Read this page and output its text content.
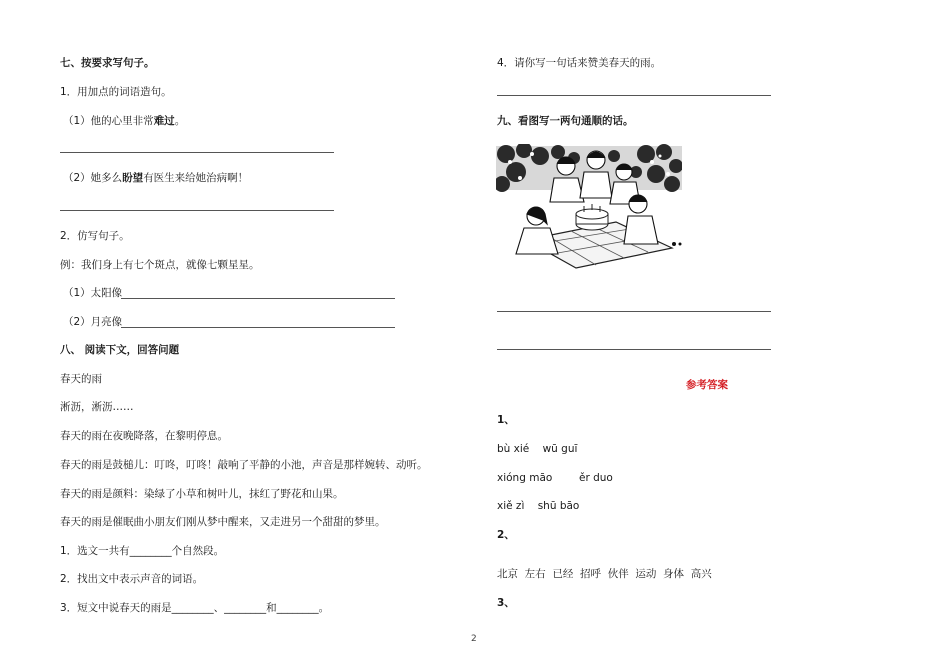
七、按要求写句子。
1．用加点的词语造句。
（1）他的心里非常难过。
（2）她多么盼望有医生来给她治病啊！
2．仿写句子。
例：我们身上有七个斑点，就像七颗星星。
（1）太阳像
（2）月亮像
八、 阅读下文，回答问题
春天的雨
淅沥，淅沥……
春天的雨在夜晚降落，在黎明停息。
春天的雨是鼓槌儿：叮咚，叮咚！敲响了平静的小池，声音是那样婉转、动听。
春天的雨是颜料：染绿了小草和树叶儿，抹红了野花和山果。
春天的雨是催眠曲小朋友们刚从梦中醒来，又走进另一个甜甜的梦里。
1．选文一共有________个自然段。
2．找出文中表示声音的词语。
3．短文中说春天的雨是________、________和________。
4．请你写一句话来赞美春天的雨。
九、看图写一两句通顺的话。
参考答案
1、
bù xié    wū guī
xióng māo        ěr duo
xiě zì    shū bāo
2、
北京  左右  已经  招呼  伙伴  运动  身体  高兴
3、
2
